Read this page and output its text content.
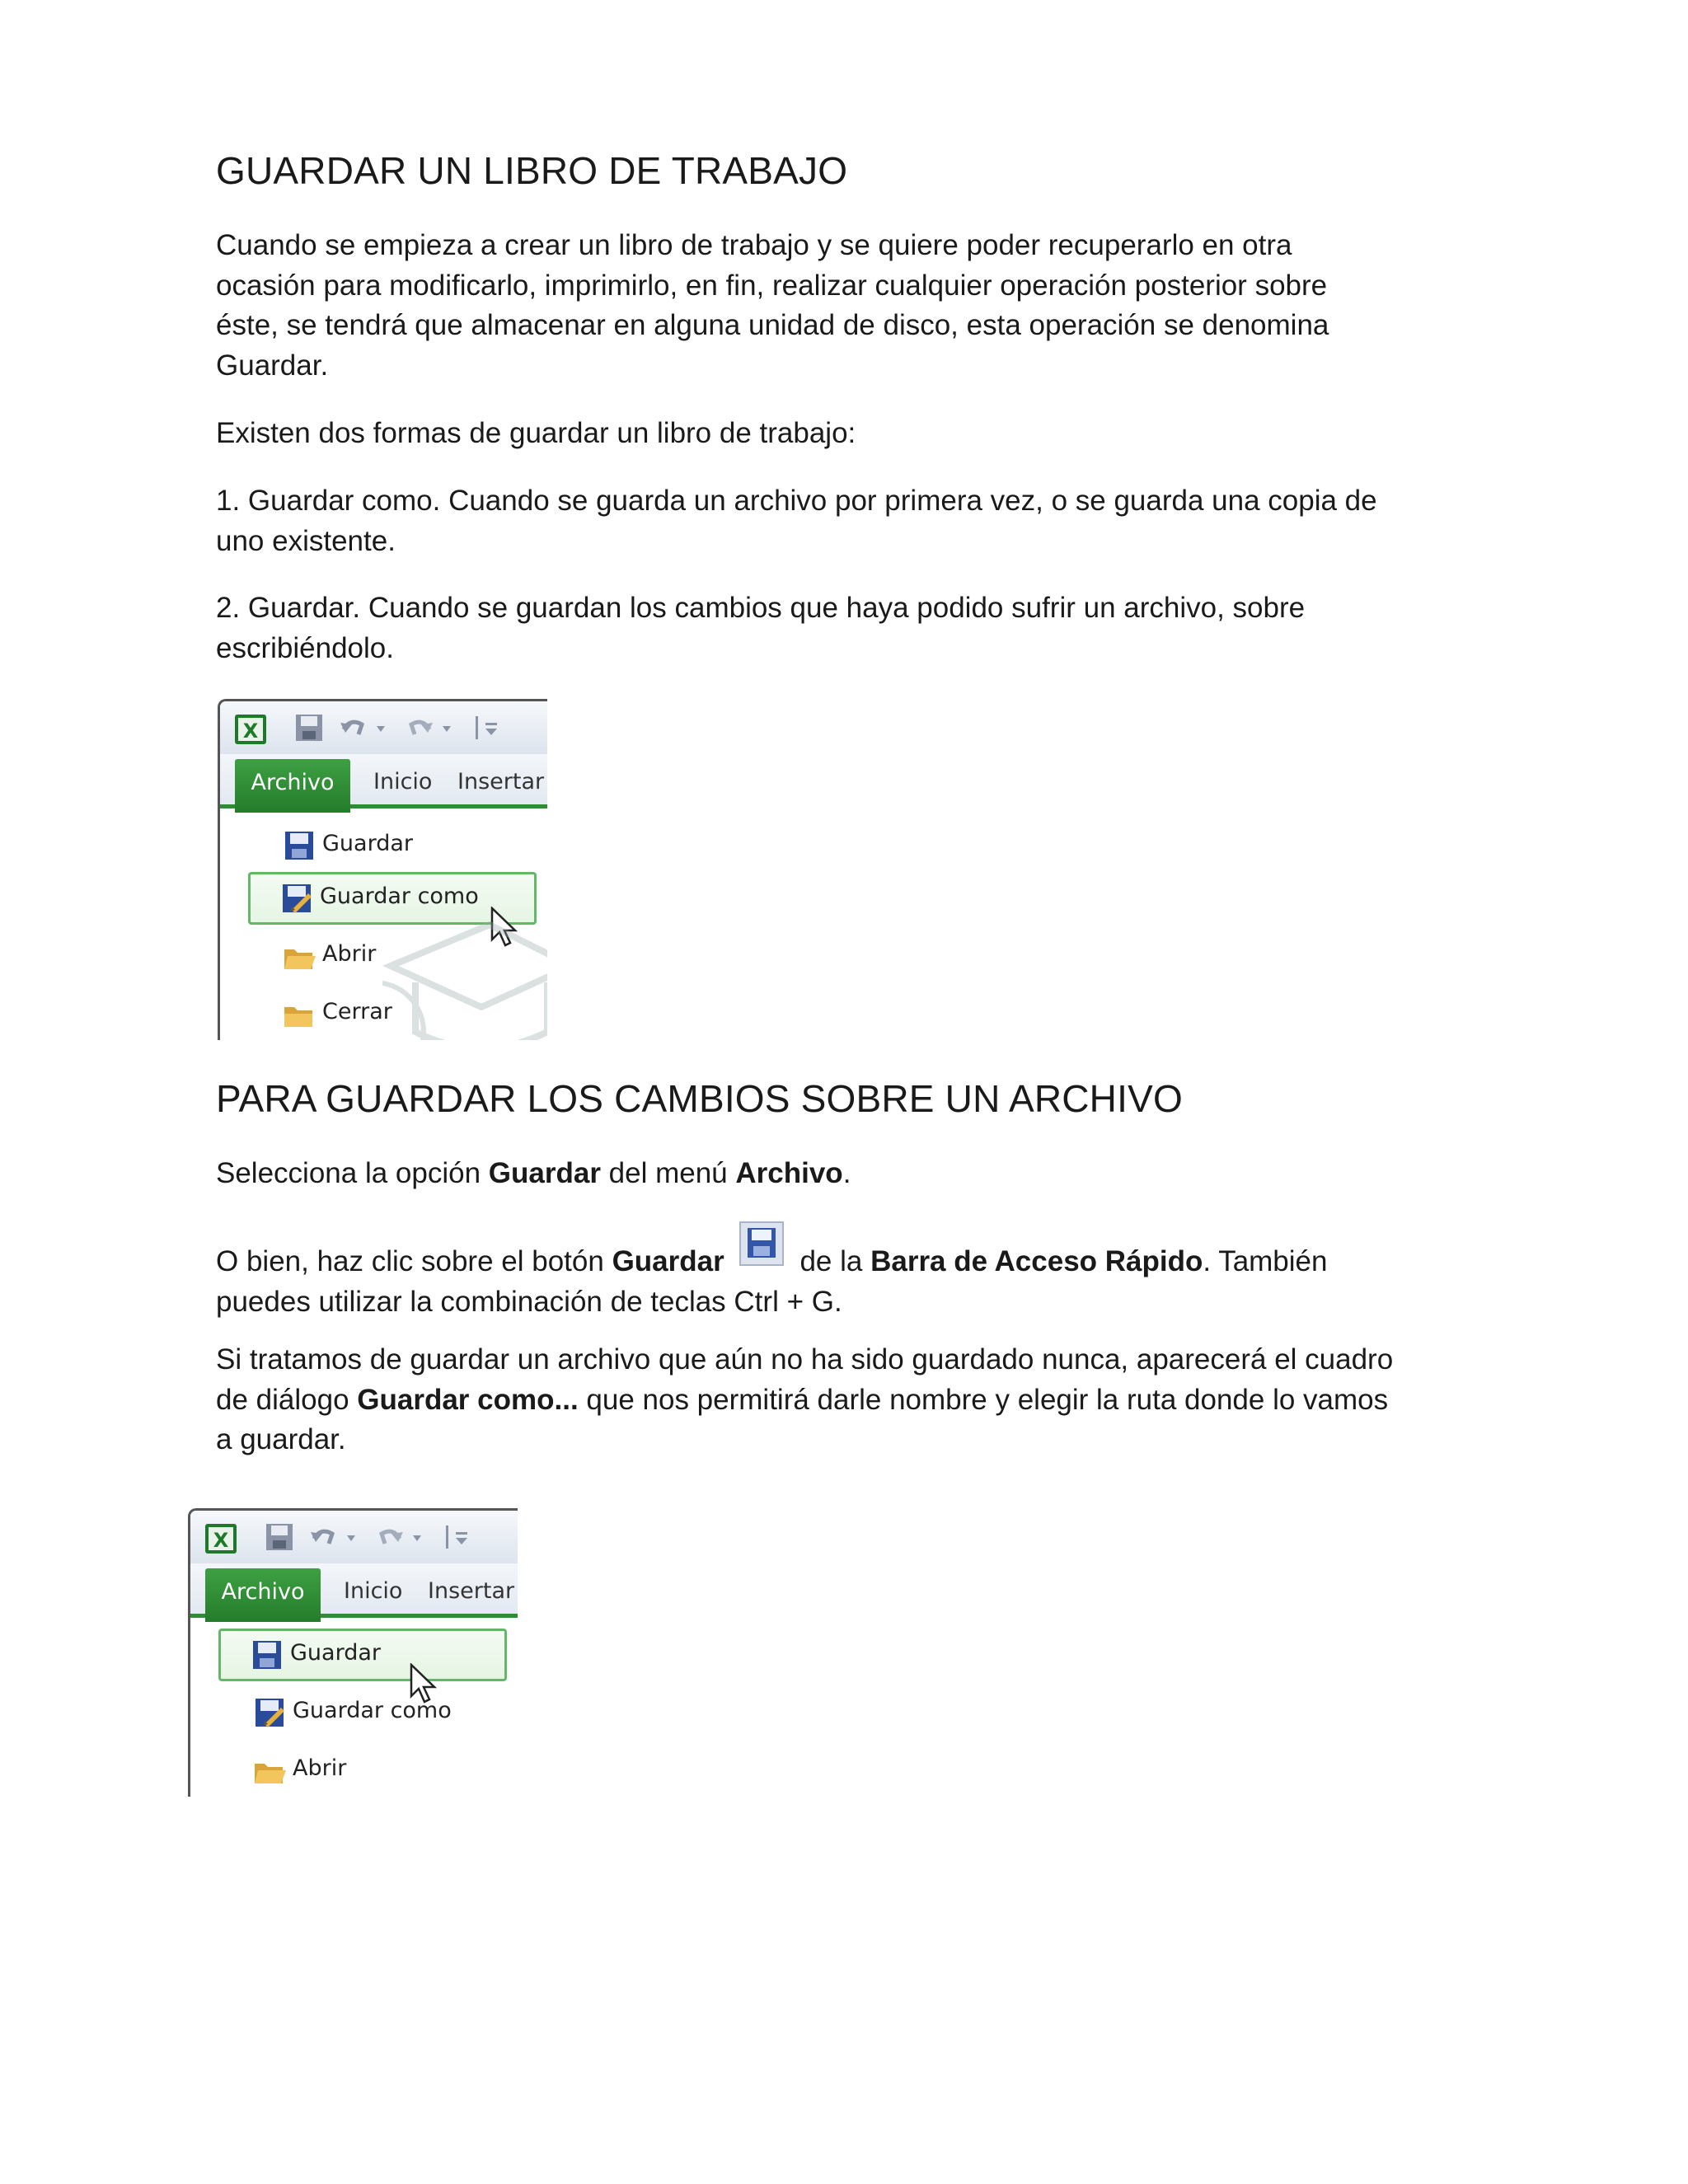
GUARDAR UN LIBRO DE TRABAJO
Cuando se empieza a crear un libro de trabajo y se quiere poder recuperarlo en otra
ocasión para modificarlo, imprimirlo, en fin, realizar cualquier operación posterior sobre
éste, se tendrá que almacenar en alguna unidad de disco, esta operación se denomina
Guardar.
Existen dos formas de guardar un libro de trabajo:
1. Guardar como. Cuando se guarda un archivo por primera vez, o se guarda una copia de
uno existente.
2. Guardar. Cuando se guardan los cambios que haya podido sufrir un archivo, sobre
escribiéndolo.
X
Archivo	Inicio Insertar
Guardar
Guardar como
Abrir
Cerrar
PARA GUARDAR LOS CAMBIOS SOBRE UN ARCHIVO
Selecciona la opción Guardar del menú Archivo.
O bien, haz clic sobre el botón Guardar
de la Barra de Acceso Rápido. También
puedes utilizar la combinación de teclas Ctrl + G.
Si tratamos de guardar un archivo que aún no ha sido guardado nunca, aparecerá el cuadro
de diálogo Guardar como... que nos permitirá darle nombre y elegir la ruta donde lo vamos
a guardar.
X
Archivo	Inicio Insertar
Guardar
Guardar como
Abrir
